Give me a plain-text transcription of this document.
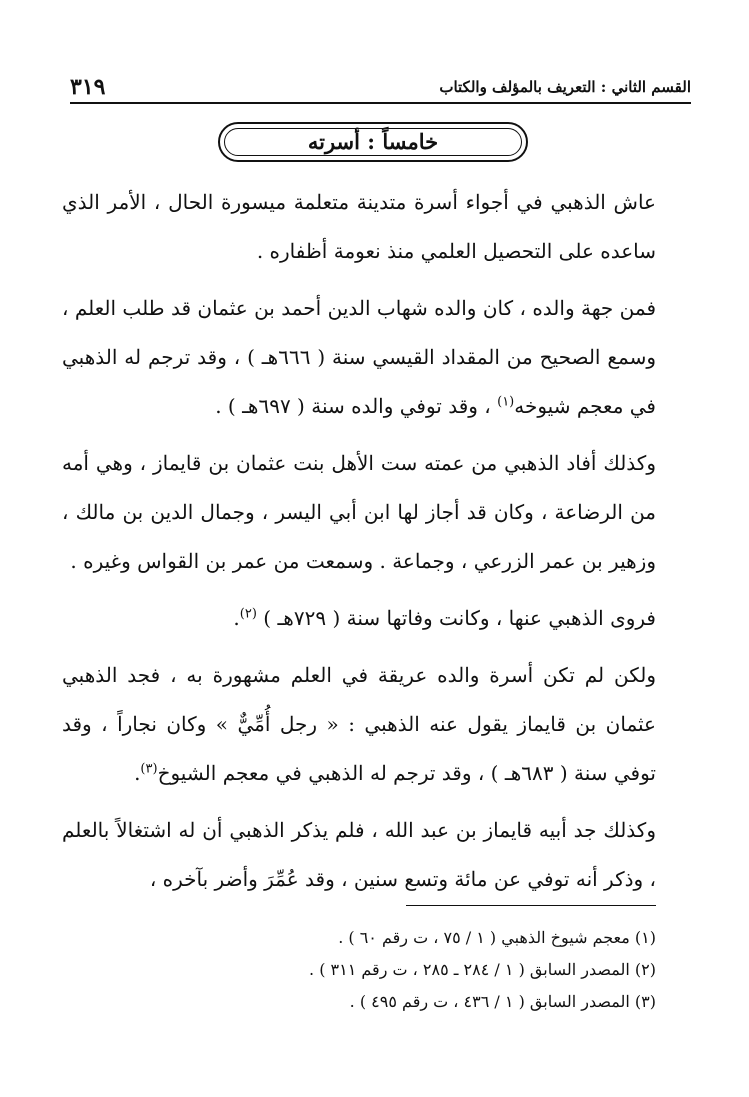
٣١٩	القسم الثاني : التعريف بالمؤلف والكتاب
خامساً : أسرته

عاش الذهبي في أجواء أسرة متدينة متعلمة ميسورة الحال ، الأمر الذي ساعده على التحصيل العلمي منذ نعومة أظفاره .

فمن جهة والده ، كان والده شهاب الدين أحمد بن عثمان قد طلب العلم ، وسمع الصحيح من المقداد القيسي سنة ( ٦٦٦هـ ) ، وقد ترجم له الذهبي في معجم شيوخه$^{(١)}$ ، وقد توفي والده سنة ( ٦٩٧هـ ) .

وكذلك أفاد الذهبي من عمته ست الأهل بنت عثمان بن قايماز ، وهي أمه من الرضاعة ، وكان قد أجاز لها ابن أبي اليسر ، وجمال الدين بن مالك ، وزهير بن عمر الزرعي ، وجماعة . وسمعت من عمر بن القواس وغيره .

فروى الذهبي عنها ، وكانت وفاتها سنة ( ٧٢٩هـ ) $^{(٢)}$.

ولكن لم تكن أسرة والده عريقة في العلم مشهورة به ، فجد الذهبي عثمان بن قايماز يقول عنه الذهبي : « رجل أُمِّيٌّ » وكان نجاراً ، وقد توفي سنة ( ٦٨٣هـ ) ، وقد ترجم له الذهبي في معجم الشيوخ$^{(٣)}$.

وكذلك جد أبيه قايماز بن عبد الله ، فلم يذكر الذهبي أن له اشتغالاً بالعلم ، وذكر أنه توفي عن مائة وتسع سنين ، وقد عُمِّرَ وأضر بآخره ،

(١) معجم شيوخ الذهبي ( ١ / ٧٥ ، ت رقم ٦٠ ) .
(٢) المصدر السابق ( ١ / ٢٨٤ ـ ٢٨٥ ، ت رقم ٣١١ ) .
(٣) المصدر السابق ( ١ / ٤٣٦ ، ت رقم ٤٩٥ ) .
